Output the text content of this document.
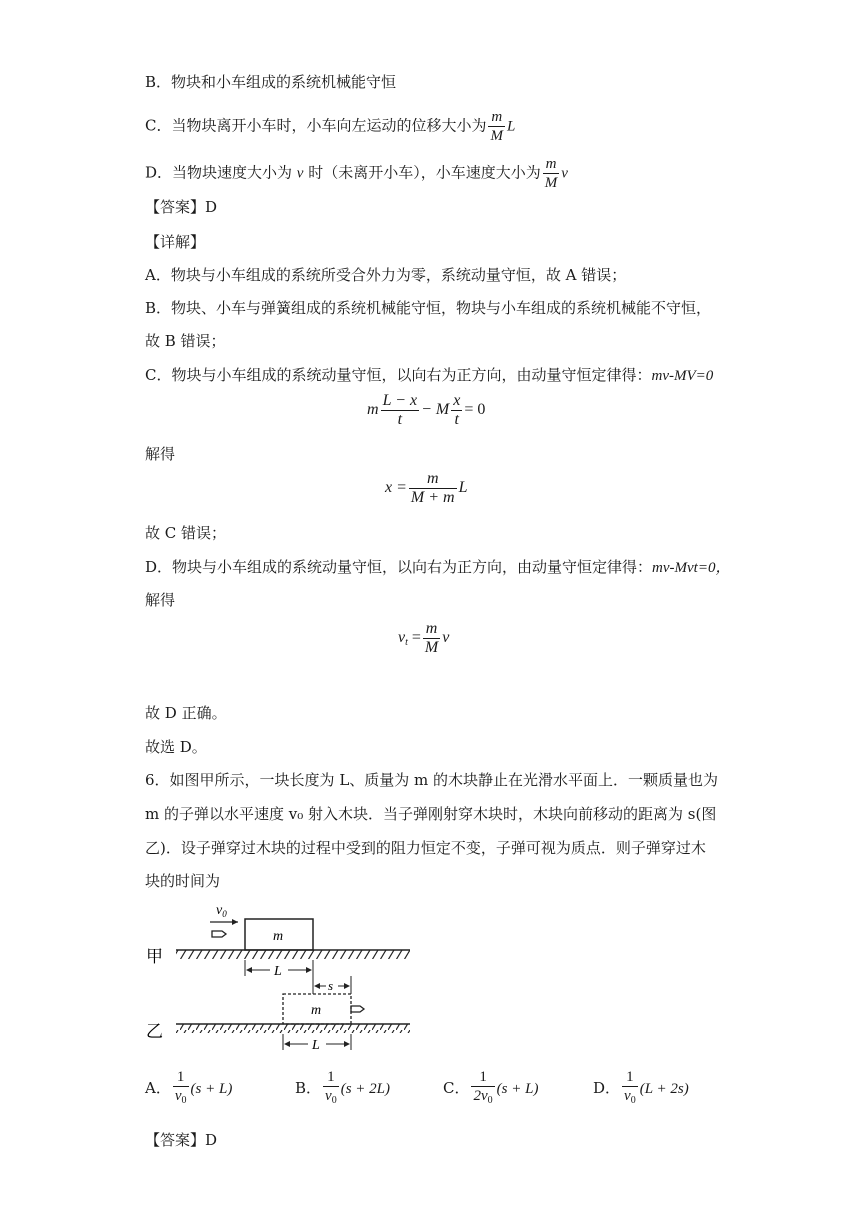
B．物块和小车组成的系统机械能守恒
C．当物块离开小车时，小车向左运动的位移大小为 $\frac{m}{M}$ L
D．当物块速度大小为 v 时（未离开小车），小车速度大小为 $\frac{m}{M}$ v
【答案】D
【详解】
A．物块与小车组成的系统所受合外力为零，系统动量守恒，故 A 错误；
B．物块、小车与弹簧组成的系统机械能守恒，物块与小车组成的系统机械能不守恒，
故 B 错误；
C．物块与小车组成的系统动量守恒，以向右为正方向，由动量守恒定律得：mv-MV=0
m $\frac{L - x}{t} - M \frac{x}{t} = 0$
解得
$x = \frac{m}{M + m}$ L
故 C 错误；
D．物块与小车组成的系统动量守恒，以向右为正方向，由动量守恒定律得：mv-Mvt=0，
解得
$v_t = \frac{m}{M}$ v
故 D 正确。
故选 D。
6．如图甲所示，一块长度为 L、质量为 m 的木块静止在光滑水平面上．一颗质量也为
m 的子弹以水平速度 v₀ 射入木块．当子弹刚射穿木块时，木块向前移动的距离为 s(图
乙)．设子弹穿过木块的过程中受到的阻力恒定不变，子弹可视为质点．则子弹穿过木
块的时间为
甲
m
$v_0$
L
s
乙
m
L
A． $\frac{1}{v_0} (s + L)$	B． $\frac{1}{v_0} (s + 2L)$	C． $\frac{1}{2v_0} (s + L)$	D． $\frac{1}{v_0} (L + 2s)$
【答案】D
